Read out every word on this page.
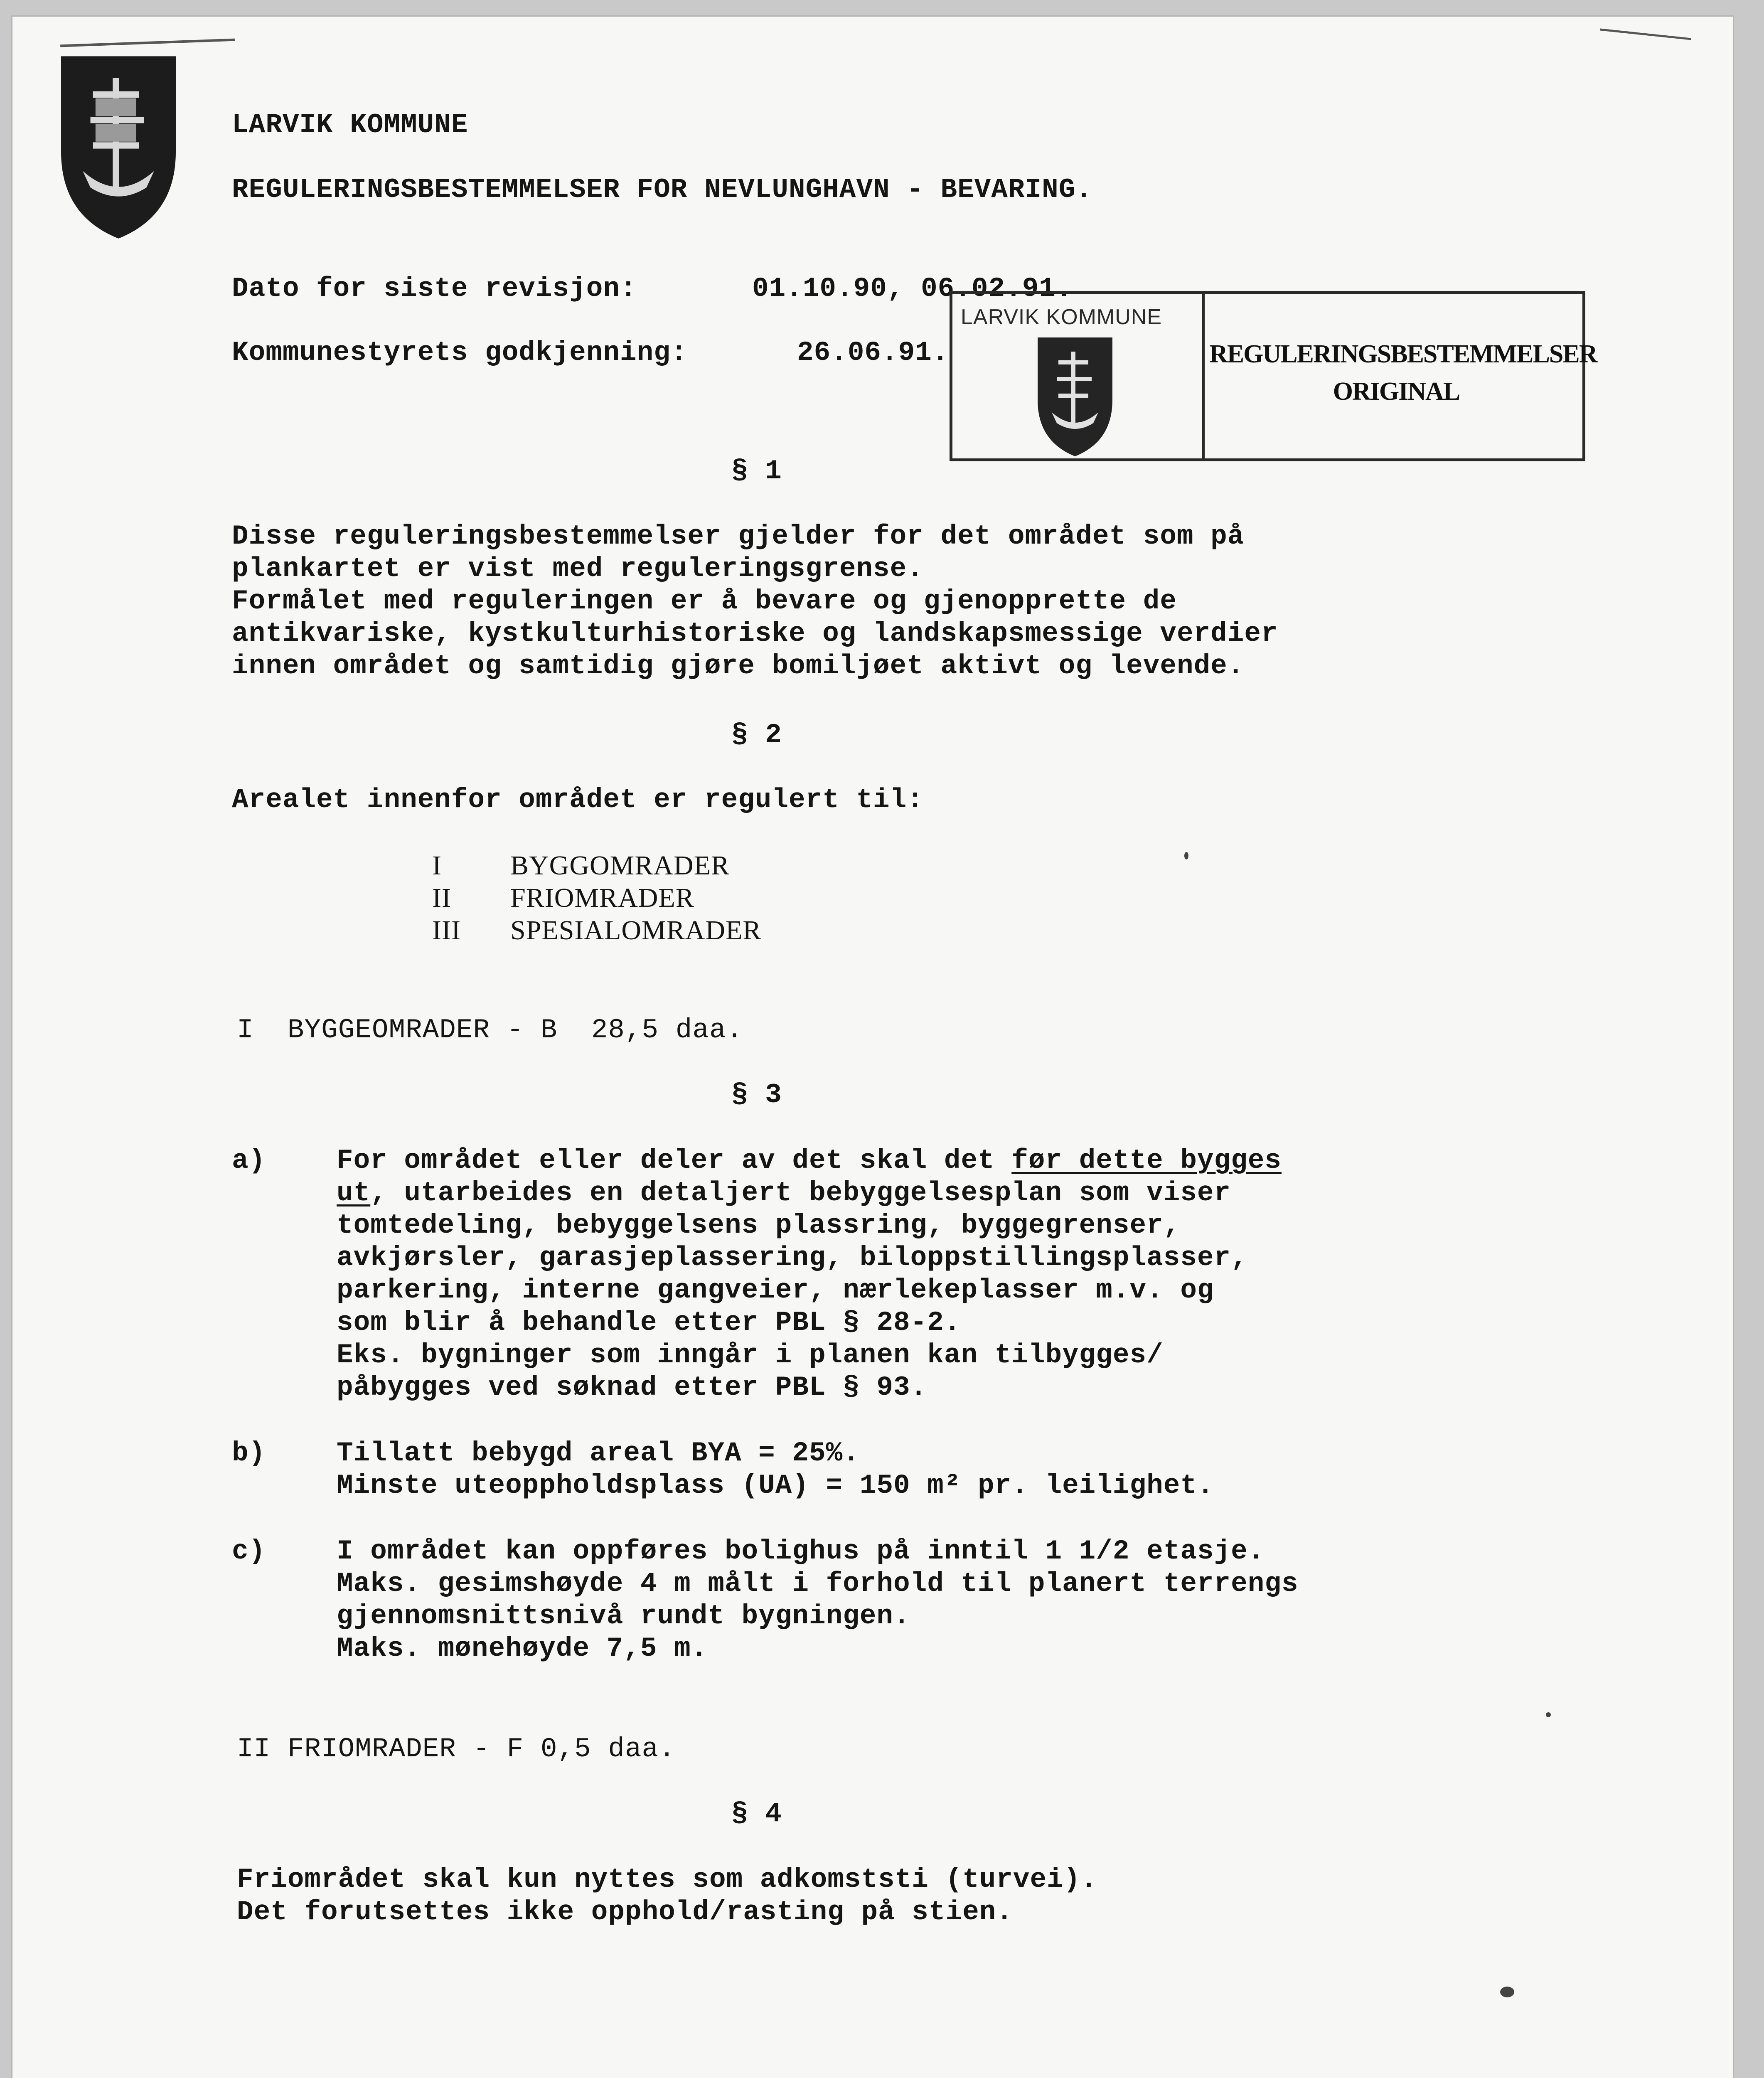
LARVIK KOMMUNE
REGULERINGSBESTEMMELSER FOR NEVLUNGHAVN - BEVARING.
Dato for siste revisjon:	01.10.90, 06.02.91.
Kommunestyrets godkjenning:	26.06.91.
LARVIK KOMMUNE
REGULERINGSBESTEMMELSER
ORIGINAL
§ 1
Disse reguleringsbestemmelser gjelder for det området som på
plankartet er vist med reguleringsgrense.
Formålet med reguleringen er å bevare og gjenopprette de
antikvariske, kystkulturhistoriske og landskapsmessige verdier
innen området og samtidig gjøre bomiljøet aktivt og levende.
§ 2
Arealet innenfor området er regulert til:
I	BYGGOMRADER
II FRIOMRADER
III SPESIALOMRADER
I  BYGGEOMRADER - B  28,5 daa.
§ 3
a)	For området eller deler av det skal det før dette bygges
ut, utarbeides en detaljert bebyggelsesplan som viser
tomtedeling, bebyggelsens plassring, byggegrenser,
avkjørsler, garasjeplassering, biloppstillingsplasser,
parkering, interne gangveier, nærlekeplasser m.v. og
som blir å behandle etter PBL § 28-2.
Eks. bygninger som inngår i planen kan tilbygges/
påbygges ved søknad etter PBL § 93.
b)	Tillatt bebygd areal BYA = 25%.
Minste uteoppholdsplass (UA) = 150 m² pr. leilighet.
c)	I området kan oppføres bolighus på inntil 1 1/2 etasje.
Maks. gesimshøyde 4 m målt i forhold til planert terrengs
gjennomsnittsnivå rundt bygningen.
Maks. mønehøyde 7,5 m.
II FRIOMRADER - F 0,5 daa.
§ 4
Friområdet skal kun nyttes som adkomststi (turvei).
Det forutsettes ikke opphold/rasting på stien.
